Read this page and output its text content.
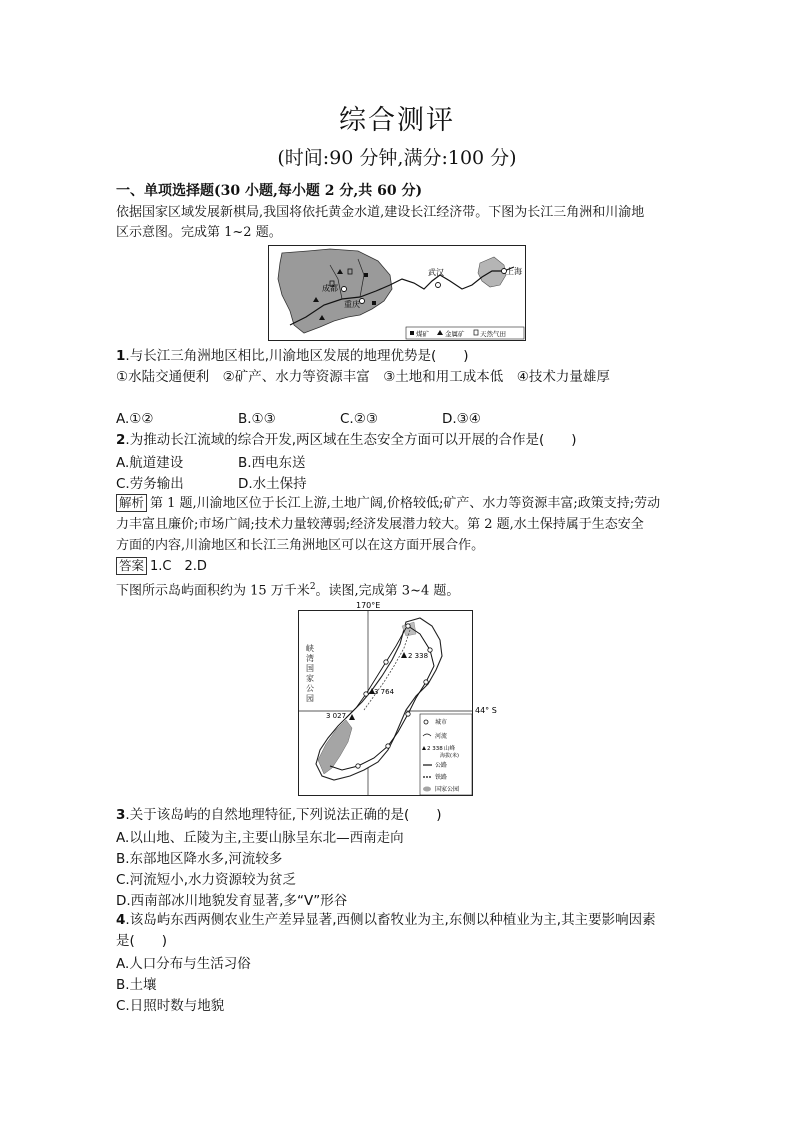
综合测评
(时间:90 分钟,满分:100 分)
一、单项选择题(30 小题,每小题 2 分,共 60 分)
依据国家区域发展新棋局,我国将依托黄金水道,建设长江经济带。下图为长江三角洲和川渝地
区示意图。完成第 1~2 题。
成都
重庆
武汉	上海
煤矿 金属矿 天然气田
1.与长江三角洲地区相比,川渝地区发展的地理优势是(　　)
①水陆交通便利　②矿产、水力等资源丰富　③土地和用工成本低　④技术力量雄厚
A.①②	B.①③	C.②③	D.③④
2.为推动长江流域的综合开发,两区域在生态安全方面可以开展的合作是(　　)
A.航道建设	B.西电东送
C.劳务输出	D.水土保持
解析 第 1 题,川渝地区位于长江上游,土地广阔,价格较低;矿产、水力等资源丰富;政策支持;劳动
力丰富且廉价;市场广阔;技术力量较薄弱;经济发展潜力较大。第 2 题,水土保持属于生态安全
方面的内容,川渝地区和长江三角洲地区可以在这方面开展合作。
答案 1.C　2.D
下图所示岛屿面积约为 15 万千米$^2$。读图,完成第 3~4 题。
170°E
44° S
2 338
3 764
3 027
城市
河流
2 338 山峰
海拔(米)
公路
铁路
国家公园
峡湾国家公园
3.关于该岛屿的自然地理特征,下列说法正确的是(　　)
A.以山地、丘陵为主,主要山脉呈东北—西南走向
B.东部地区降水多,河流较多
C.河流短小,水力资源较为贫乏
D.西南部冰川地貌发育显著,多“V”形谷
4.该岛屿东西两侧农业生产差异显著,西侧以畜牧业为主,东侧以种植业为主,其主要影响因素
是(　　)
A.人口分布与生活习俗
B.土壤
C.日照时数与地貌
